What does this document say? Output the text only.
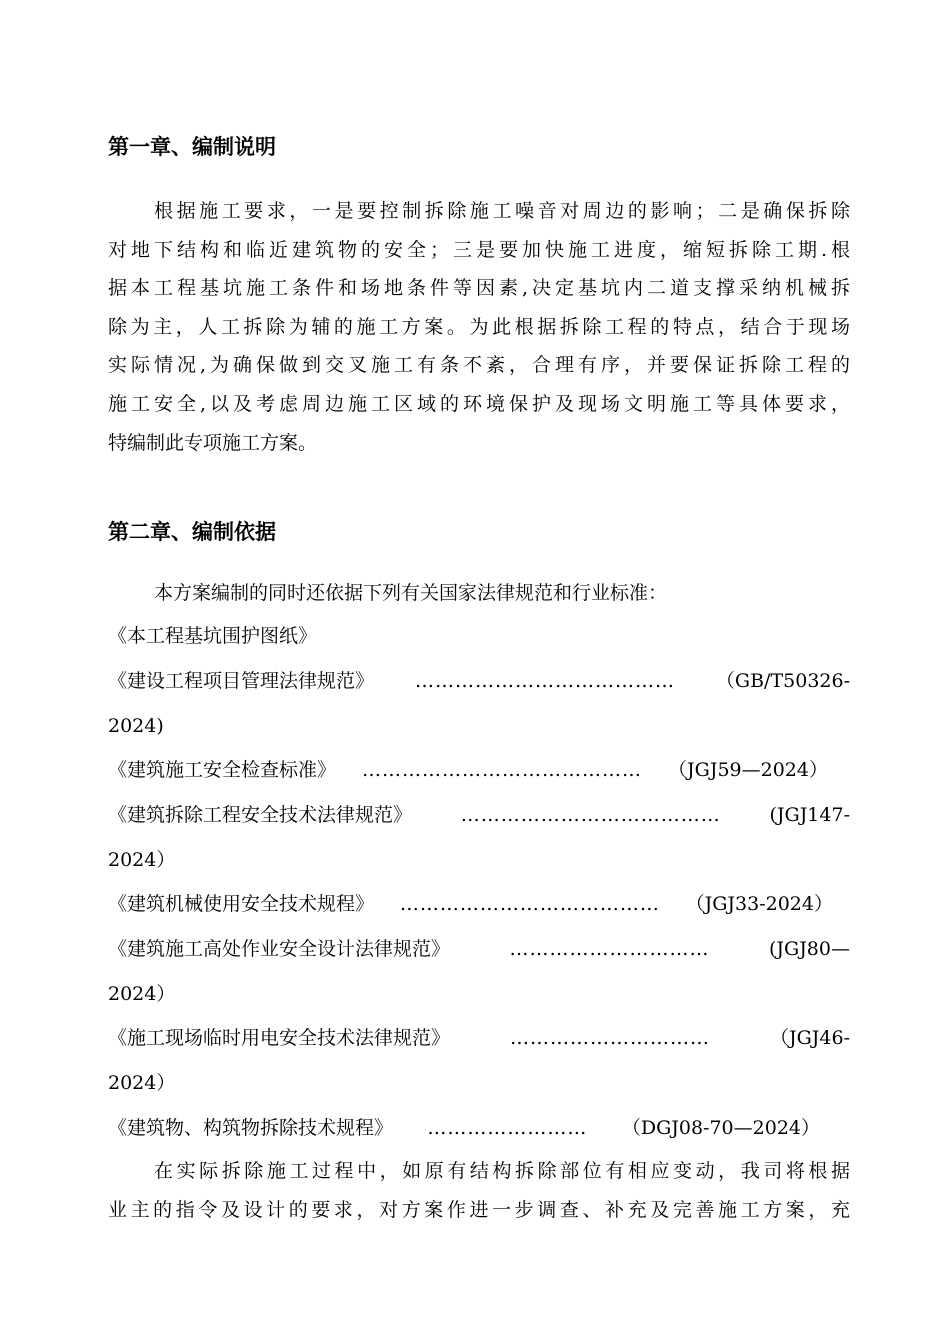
第一章、编制说明
根据施工要求，一是要控制拆除施工噪音对周边的影响；二是确保拆除
对地下结构和临近建筑物的安全；三是要加快施工进度，缩短拆除工期.根
据本工程基坑施工条件和场地条件等因素,决定基坑内二道支撑采纳机械拆
除为主，人工拆除为辅的施工方案。为此根据拆除工程的特点，结合于现场
实际情况,为确保做到交叉施工有条不紊，合理有序，并要保证拆除工程的
施工安全,以及考虑周边施工区域的环境保护及现场文明施工等具体要求，
特编制此专项施工方案。
第二章、编制依据
本方案编制的同时还依据下列有关国家法律规范和行业标准：
《本工程基坑围护图纸》
《建设工程项目管理法律规范》	…………………………………	（GB/T50326-
2024)
《建筑施工安全检查标准》	……………………………………	（JGJ59—2024）
《建筑拆除工程安全技术法律规范》	…………………………………	(JGJ147-
2024）
《建筑机械使用安全技术规程》	…………………………………	（JGJ33-2024）
《建筑施工高处作业安全设计法律规范》	…………………………	(JGJ80—
2024）
《施工现场临时用电安全技术法律规范》	…………………………	（JGJ46-
2024）
《建筑物、构筑物拆除技术规程》	……………………	（DGJ08-70—2024）
在实际拆除施工过程中，如原有结构拆除部位有相应变动，我司将根据
业主的指令及设计的要求，对方案作进一步调查、补充及完善施工方案，充
